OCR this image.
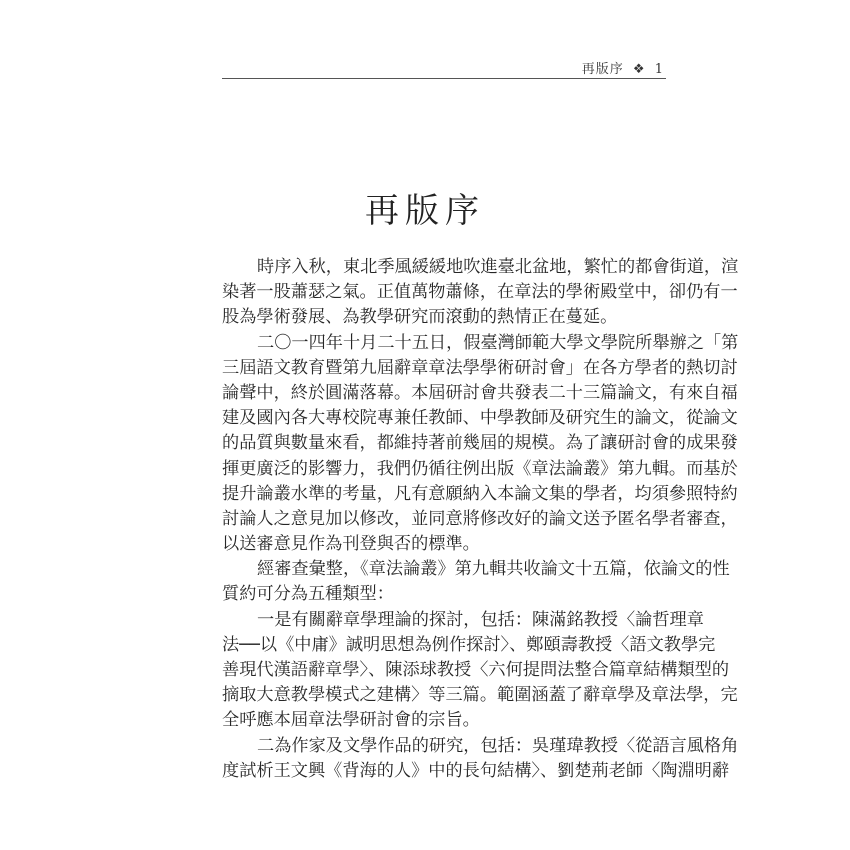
再版序 ❖ 1
再版序
時序入秋，東北季風緩緩地吹進臺北盆地，繁忙的都會街道，渲
染著一股蕭瑟之氣。正值萬物蕭條，在章法的學術殿堂中，卻仍有一
股為學術發展、為教學研究而滾動的熱情正在蔓延。
二〇一四年十月二十五日，假臺灣師範大學文學院所舉辦之「第
三屆語文教育暨第九屆辭章章法學學術研討會」在各方學者的熱切討
論聲中，終於圓滿落幕。本屆研討會共發表二十三篇論文，有來自福
建及國內各大專校院專兼任教師、中學教師及研究生的論文，從論文
的品質與數量來看，都維持著前幾屆的規模。為了讓研討會的成果發
揮更廣泛的影響力，我們仍循往例出版《章法論叢》第九輯。而基於
提升論叢水準的考量，凡有意願納入本論文集的學者，均須參照特約
討論人之意見加以修改，並同意將修改好的論文送予匿名學者審查，
以送審意見作為刊登與否的標準。
經審查彙整，《章法論叢》第九輯共收論文十五篇，依論文的性
質約可分為五種類型：
一是有關辭章學理論的探討，包括：陳滿銘教授〈論哲理章
法──以《中庸》誠明思想為例作探討〉、鄭頤壽教授〈語文教學完
善現代漢語辭章學〉、陳添球教授〈六何提問法整合篇章結構類型的
摘取大意教學模式之建構〉等三篇。範圍涵蓋了辭章學及章法學，完
全呼應本屆章法學研討會的宗旨。
二為作家及文學作品的研究，包括：吳瑾瑋教授〈從語言風格角
度試析王文興《背海的人》中的長句結構〉、劉楚荊老師〈陶淵明辭
